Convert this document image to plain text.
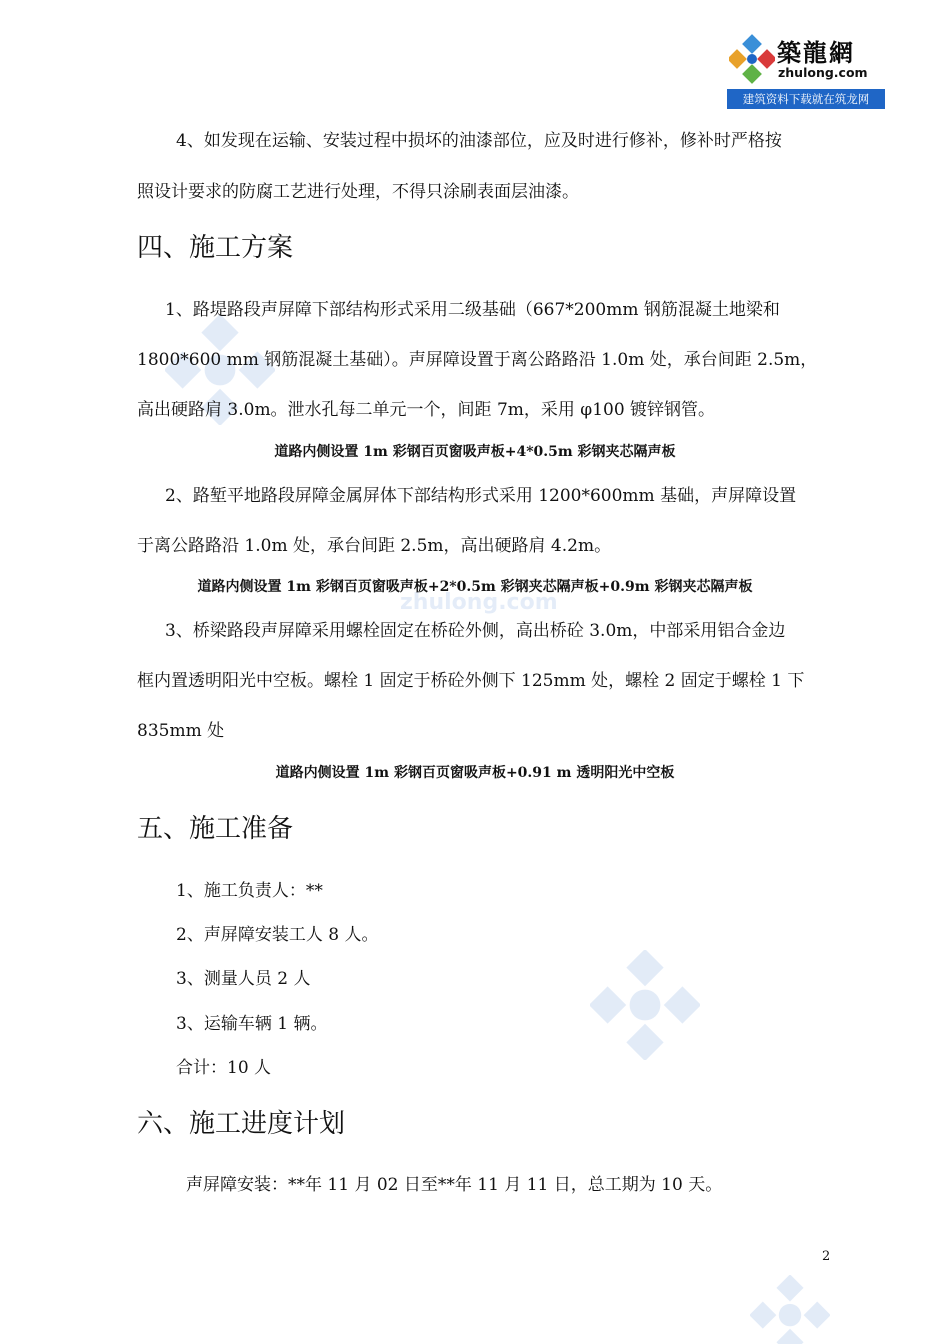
築龍網
zhulong.com
建筑资料下载就在筑龙网
zhulong.com

4、如发现在运输、安装过程中损坏的油漆部位，应及时进行修补，修补时严格按

照设计要求的防腐工艺进行处理，不得只涂刷表面层油漆。

四、施工方案

1、路堤路段声屏障下部结构形式采用二级基础（667*200mm 钢筋混凝土地梁和

1800*600 mm 钢筋混凝土基础）。声屏障设置于离公路路沿 1.0m 处，承台间距 2.5m，

高出硬路肩 3.0m。泄水孔每二单元一个，间距 7m，采用 φ100 镀锌钢管。

道路内侧设置 1m 彩钢百页窗吸声板+4*0.5m 彩钢夹芯隔声板

2、路堑平地路段屏障金属屏体下部结构形式采用 1200*600mm 基础，声屏障设置

于离公路路沿 1.0m 处，承台间距 2.5m，高出硬路肩 4.2m。

道路内侧设置 1m 彩钢百页窗吸声板+2*0.5m 彩钢夹芯隔声板+0.9m 彩钢夹芯隔声板

3、桥梁路段声屏障采用螺栓固定在桥砼外侧，高出桥砼 3.0m，中部采用铝合金边

框内置透明阳光中空板。螺栓 1 固定于桥砼外侧下 125mm 处，螺栓 2 固定于螺栓 1 下

835mm 处

道路内侧设置 1m 彩钢百页窗吸声板+0.91 m 透明阳光中空板

五、施工准备

1、施工负责人：**

2、声屏障安装工人 8 人。

3、测量人员 2 人

3、运输车辆 1 辆。

合计：10 人

六、施工进度计划

声屏障安装：**年 11 月 02 日至**年 11 月 11 日，总工期为 10 天。

2
